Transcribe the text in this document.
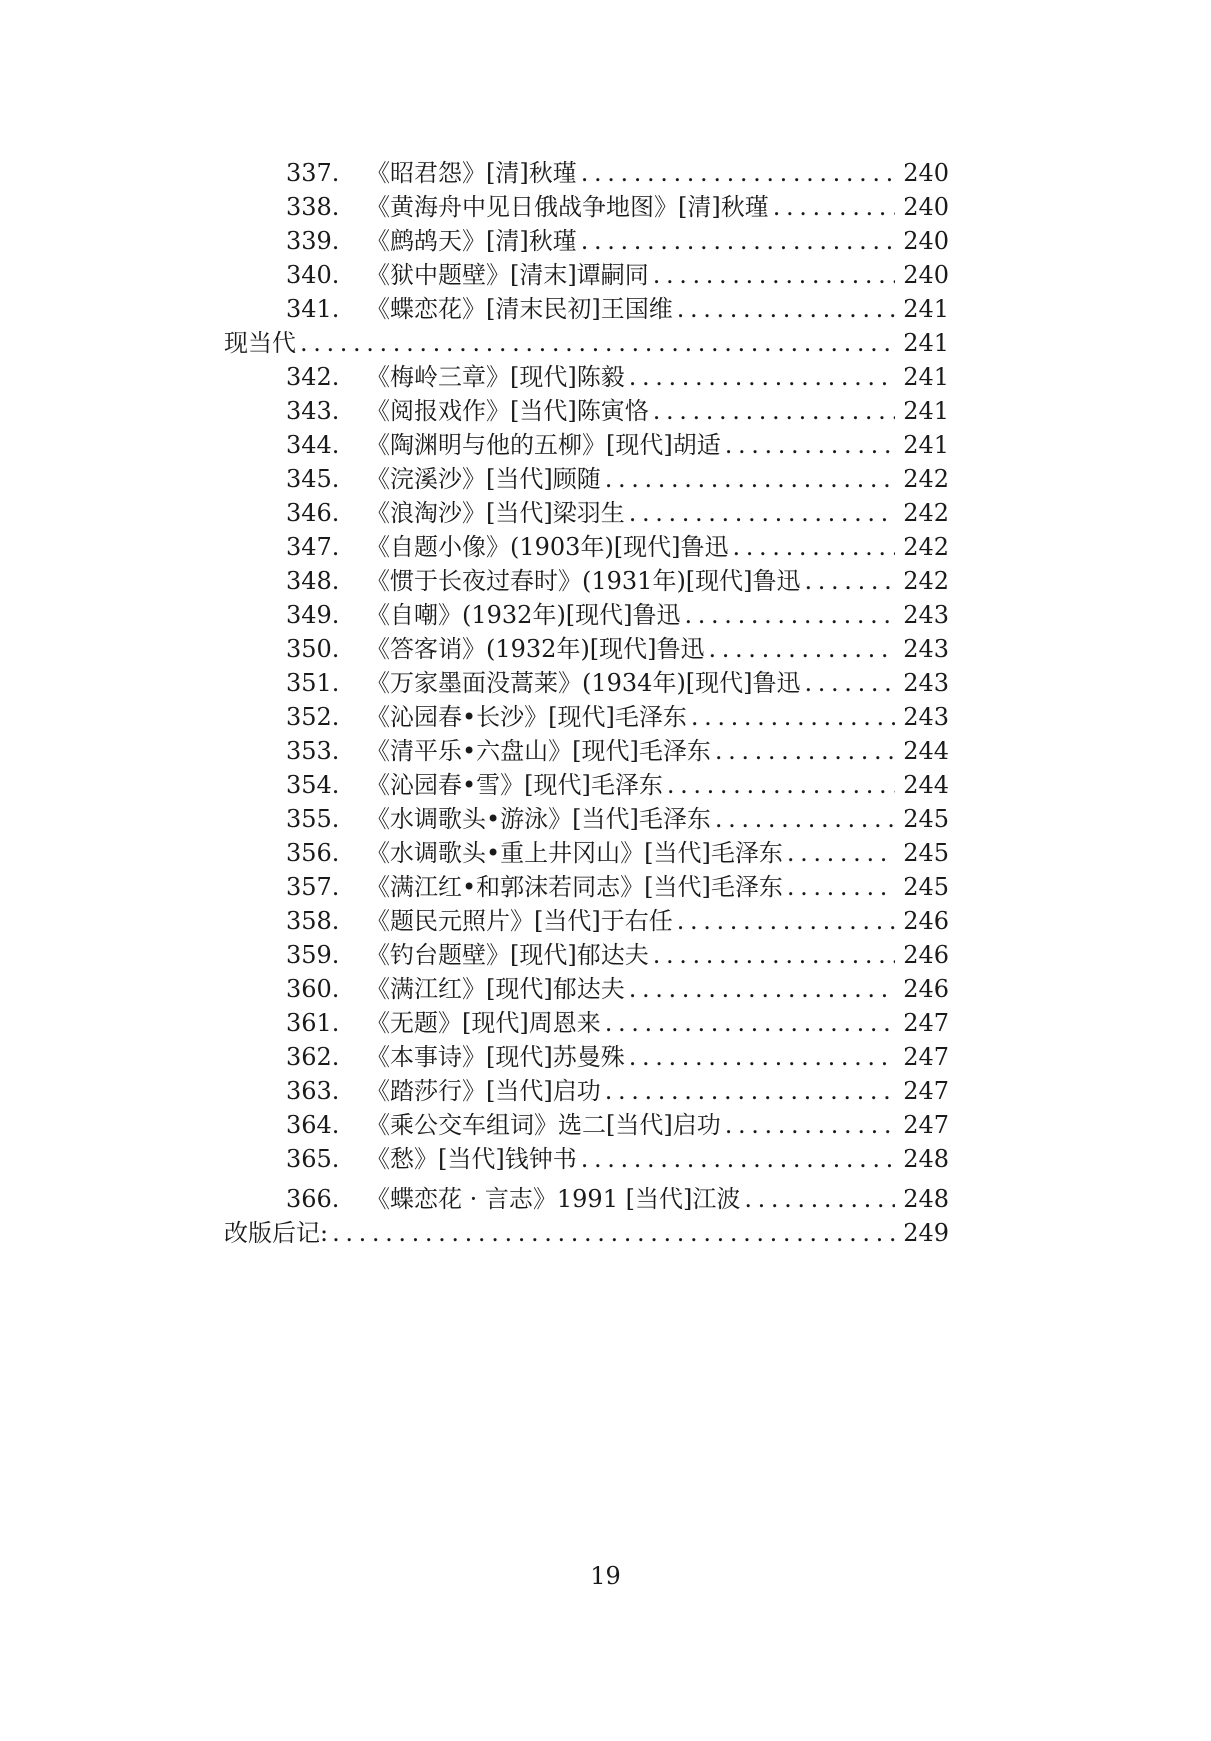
337.	《昭君怨》[清]秋瑾 . . .	240
338.	《黄海舟中见日俄战争地图》[清]秋瑾 . . .	240
339.	《鹧鸪天》[清]秋瑾 . . .	240
340.	《狱中题壁》[清末]谭嗣同 . . .	240
341.	《蝶恋花》[清末民初]王国维 . . .	241
现当代 . . .	241
342.	《梅岭三章》[现代]陈毅 . . .	241
343.	《阅报戏作》[当代]陈寅恪 . . .	241
344.	《陶渊明与他的五柳》[现代]胡适 . . .	241
345.	《浣溪沙》[当代]顾随 . . .	242
346.	《浪淘沙》[当代]梁羽生 . . .	242
347.	《自题小像》(1903年)[现代]鲁迅 . . .	242
348.	《惯于长夜过春时》(1931年)[现代]鲁迅 . . .	242
349.	《自嘲》(1932年)[现代]鲁迅 . . .	243
350.	《答客诮》(1932年)[现代]鲁迅 . . .	243
351.	《万家墨面没蒿莱》(1934年)[现代]鲁迅 . . .	243
352.	《沁园春•长沙》[现代]毛泽东 . . .	243
353.	《清平乐•六盘山》[现代]毛泽东 . . .	244
354.	《沁园春•雪》[现代]毛泽东 . . .	244
355.	《水调歌头•游泳》[当代]毛泽东 . . .	245
356.	《水调歌头•重上井冈山》[当代]毛泽东 . . .	245
357.	《满江红•和郭沫若同志》[当代]毛泽东 . . .	245
358.	《题民元照片》[当代]于右任 . . .	246
359.	《钓台题壁》[现代]郁达夫 . . .	246
360.	《满江红》[现代]郁达夫 . . .	246
361.	《无题》[现代]周恩来 . . .	247
362.	《本事诗》[现代]苏曼殊 . . .	247
363.	《踏莎行》[当代]启功 . . .	247
364.	《乘公交车组词》选二[当代]启功 . . .	247
365.	《愁》[当代]钱钟书 . . .	248
366.	《蝶恋花 · 言志》1991 [当代]江波 . . .	248
改版后记: . . .	249
19
